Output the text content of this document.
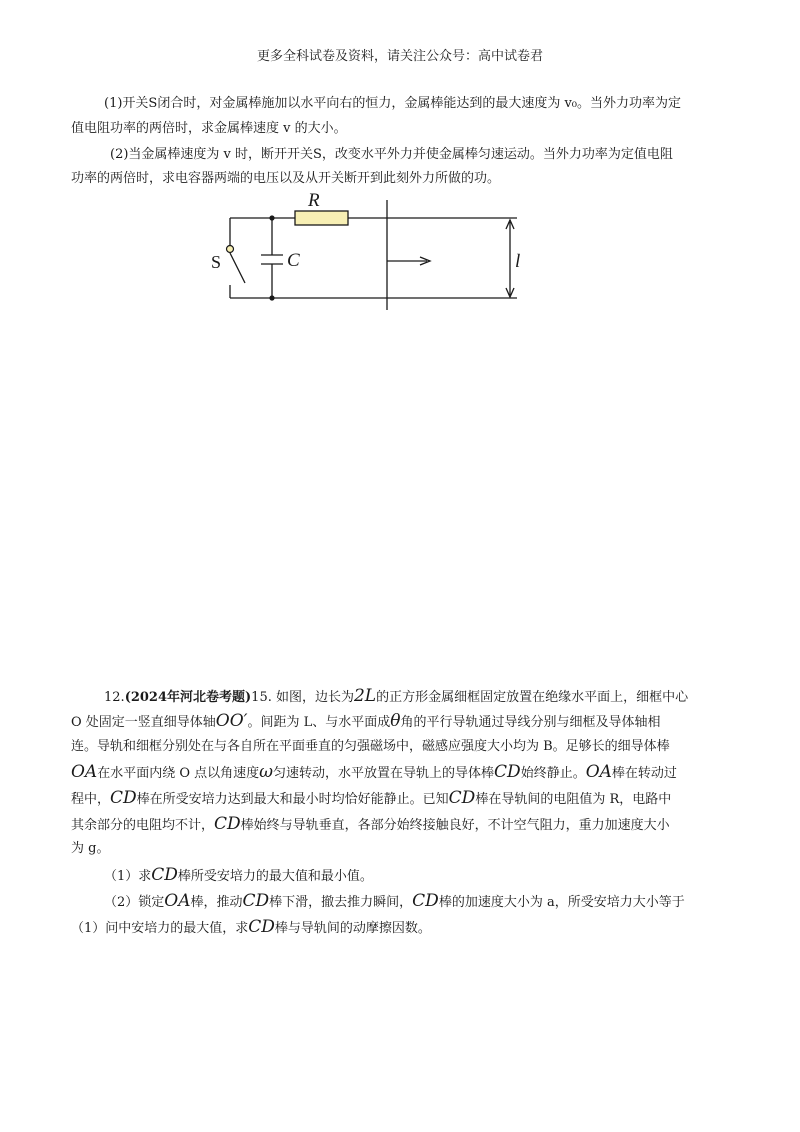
更多全科试卷及资料，请关注公众号：高中试卷君
(1)开关S闭合时，对金属棒施加以水平向右的恒力，金属棒能达到的最大速度为 v₀。当外力功率为定
值电阻功率的两倍时，求金属棒速度 v 的大小。
(2)当金属棒速度为 v 时，断开开关S，改变水平外力并使金属棒匀速运动。当外力功率为定值电阻
功率的两倍时，求电容器两端的电压以及从开关断开到此刻外力所做的功。
R
S	C	l
12.(2024年河北卷考题)15. 如图，边长为2L的正方形金属细框固定放置在绝缘水平面上，细框中心
O 处固定一竖直细导体轴OO′。间距为 L、与水平面成θ角的平行导轨通过导线分别与细框及导体轴相
连。导轨和细框分别处在与各自所在平面垂直的匀强磁场中，磁感应强度大小均为 B。足够长的细导体棒
OA在水平面内绕 O 点以角速度ω匀速转动，水平放置在导轨上的导体棒CD始终静止。OA棒在转动过
程中，CD棒在所受安培力达到最大和最小时均恰好能静止。已知CD棒在导轨间的电阻值为 R，电路中
其余部分的电阻均不计，CD棒始终与导轨垂直，各部分始终接触良好，不计空气阻力，重力加速度大小
为 g。
（1）求CD棒所受安培力的最大值和最小值。
（2）锁定OA棒，推动CD棒下滑，撤去推力瞬间，CD棒的加速度大小为 a，所受安培力大小等于
（1）问中安培力的最大值，求CD棒与导轨间的动摩擦因数。
